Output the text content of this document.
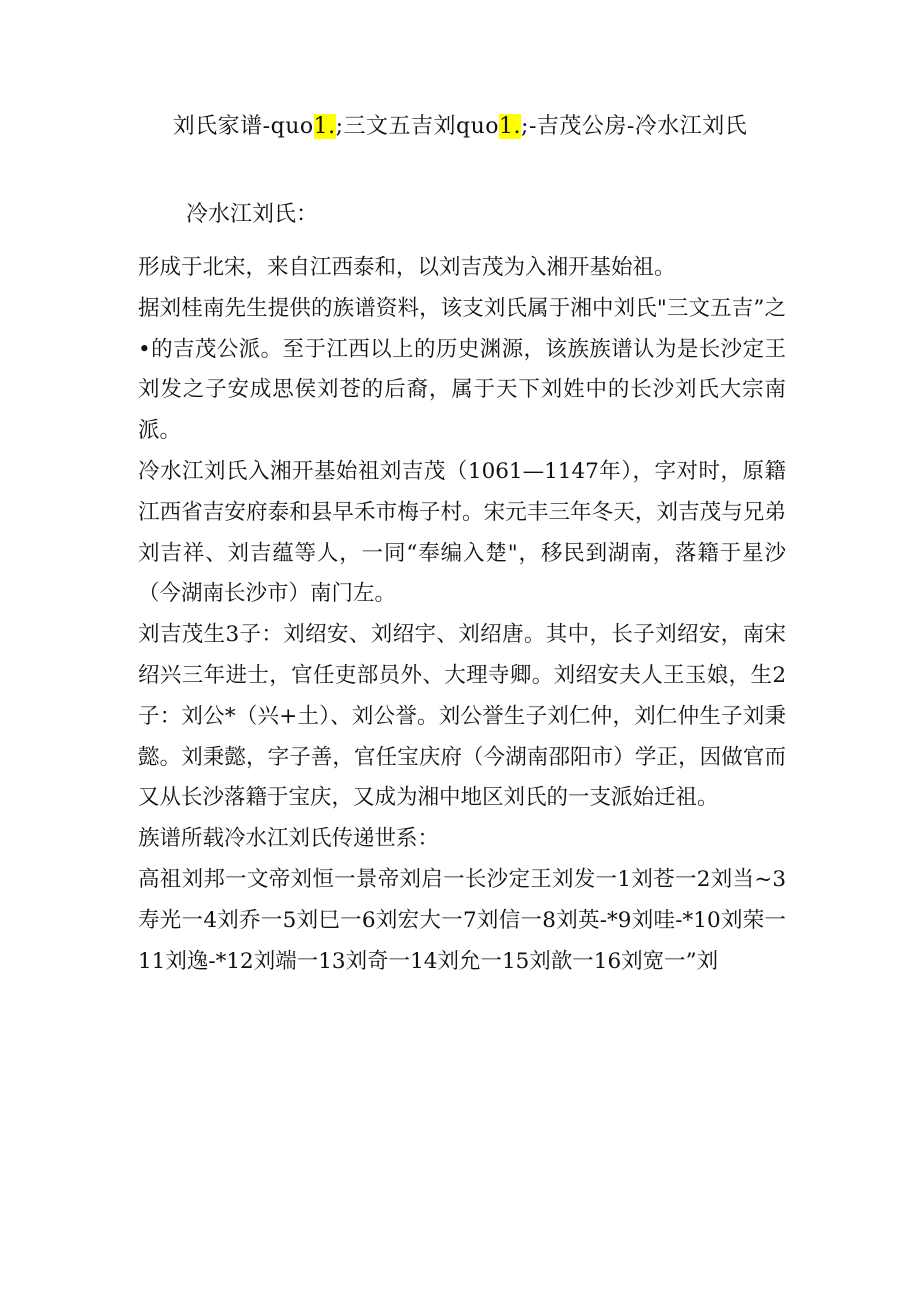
刘氏家谱-quo1.;三文五吉刘quo1.;-吉茂公房-冷水江刘氏
冷水江刘氏：

形成于北宋，来自江西泰和，以刘吉茂为入湘开基始祖。

据刘桂南先生提供的族谱资料，该支刘氏属于湘中刘氏"三文五吉”之•的吉茂公派。至于江西以上的历史渊源，该族族谱认为是长沙定王刘发之子安成思侯刘苍的后裔，属于天下刘姓中的长沙刘氏大宗南派。

冷水江刘氏入湘开基始祖刘吉茂（1061—1147年），字对时，原籍江西省吉安府泰和县早禾市梅子村。宋元丰三年冬天，刘吉茂与兄弟刘吉祥、刘吉蕴等人，一同“奉编入楚"，移民到湖南，落籍于星沙（今湖南长沙市）南门左。

刘吉茂生3子：刘绍安、刘绍宇、刘绍唐。其中，长子刘绍安，南宋绍兴三年进士，官任吏部员外、大理寺卿。刘绍安夫人王玉娘，生2子：刘公*（兴+土）、刘公誉。刘公誉生子刘仁仲，刘仁仲生子刘秉懿。刘秉懿，字子善，官任宝庆府（今湖南邵阳市）学正，因做官而又从长沙落籍于宝庆，又成为湘中地区刘氏的一支派始迁祖。

族谱所载冷水江刘氏传递世系：

高祖刘邦一文帝刘恒一景帝刘启一长沙定王刘发一1刘苍一2刘当~3寿光一4刘乔一5刘巳一6刘宏大一7刘信一8刘英-*9刘哇-*10刘荣一11刘逸-*12刘端一13刘奇一14刘允一15刘歆一16刘宽一”刘
